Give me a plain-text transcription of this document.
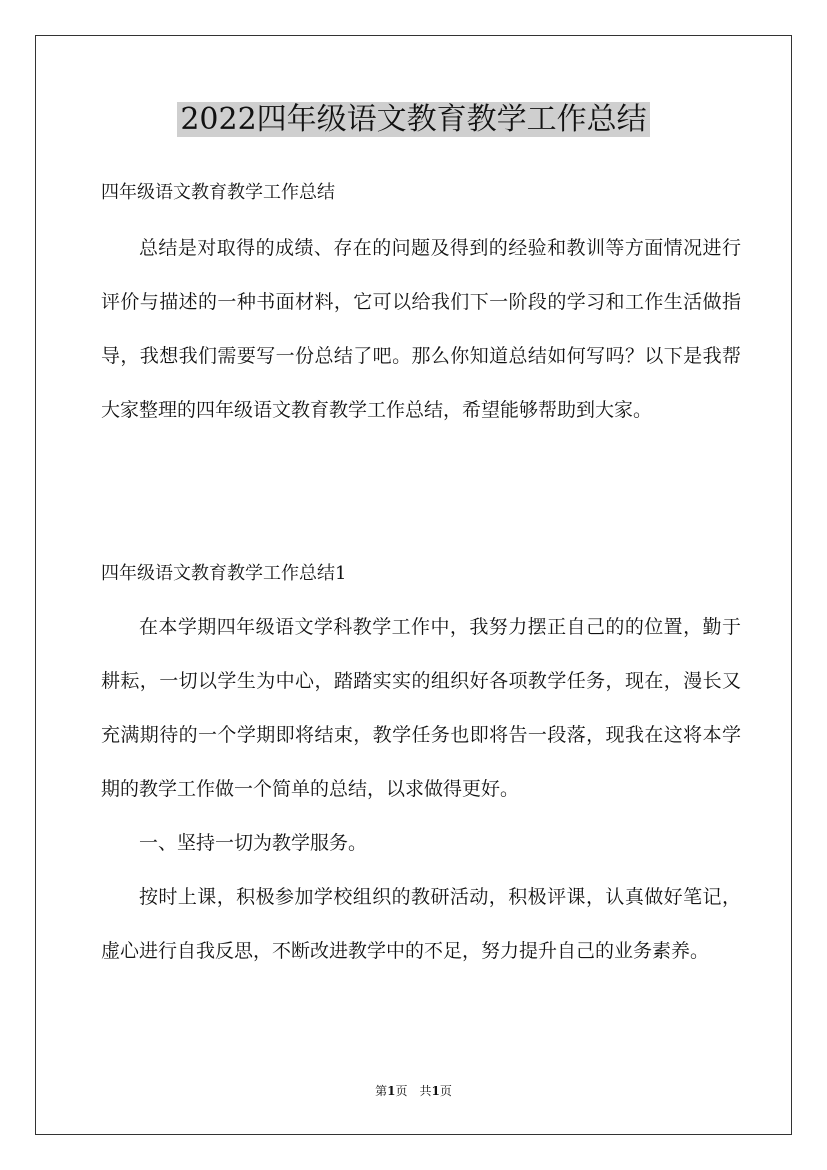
2022四年级语文教育教学工作总结

四年级语文教育教学工作总结

总结是对取得的成绩、存在的问题及得到的经验和教训等方面情况进行评价与描述的一种书面材料，它可以给我们下一阶段的学习和工作生活做指导，我想我们需要写一份总结了吧。那么你知道总结如何写吗？以下是我帮大家整理的四年级语文教育教学工作总结，希望能够帮助到大家。

四年级语文教育教学工作总结1

在本学期四年级语文学科教学工作中，我努力摆正自己的的位置，勤于耕耘，一切以学生为中心，踏踏实实的组织好各项教学任务，现在，漫长又充满期待的一个学期即将结束，教学任务也即将告一段落，现我在这将本学期的教学工作做一个简单的总结，以求做得更好。

一、坚持一切为教学服务。

按时上课，积极参加学校组织的教研活动，积极评课，认真做好笔记，虚心进行自我反思，不断改进教学中的不足，努力提升自己的业务素养。

第1页　共1页
